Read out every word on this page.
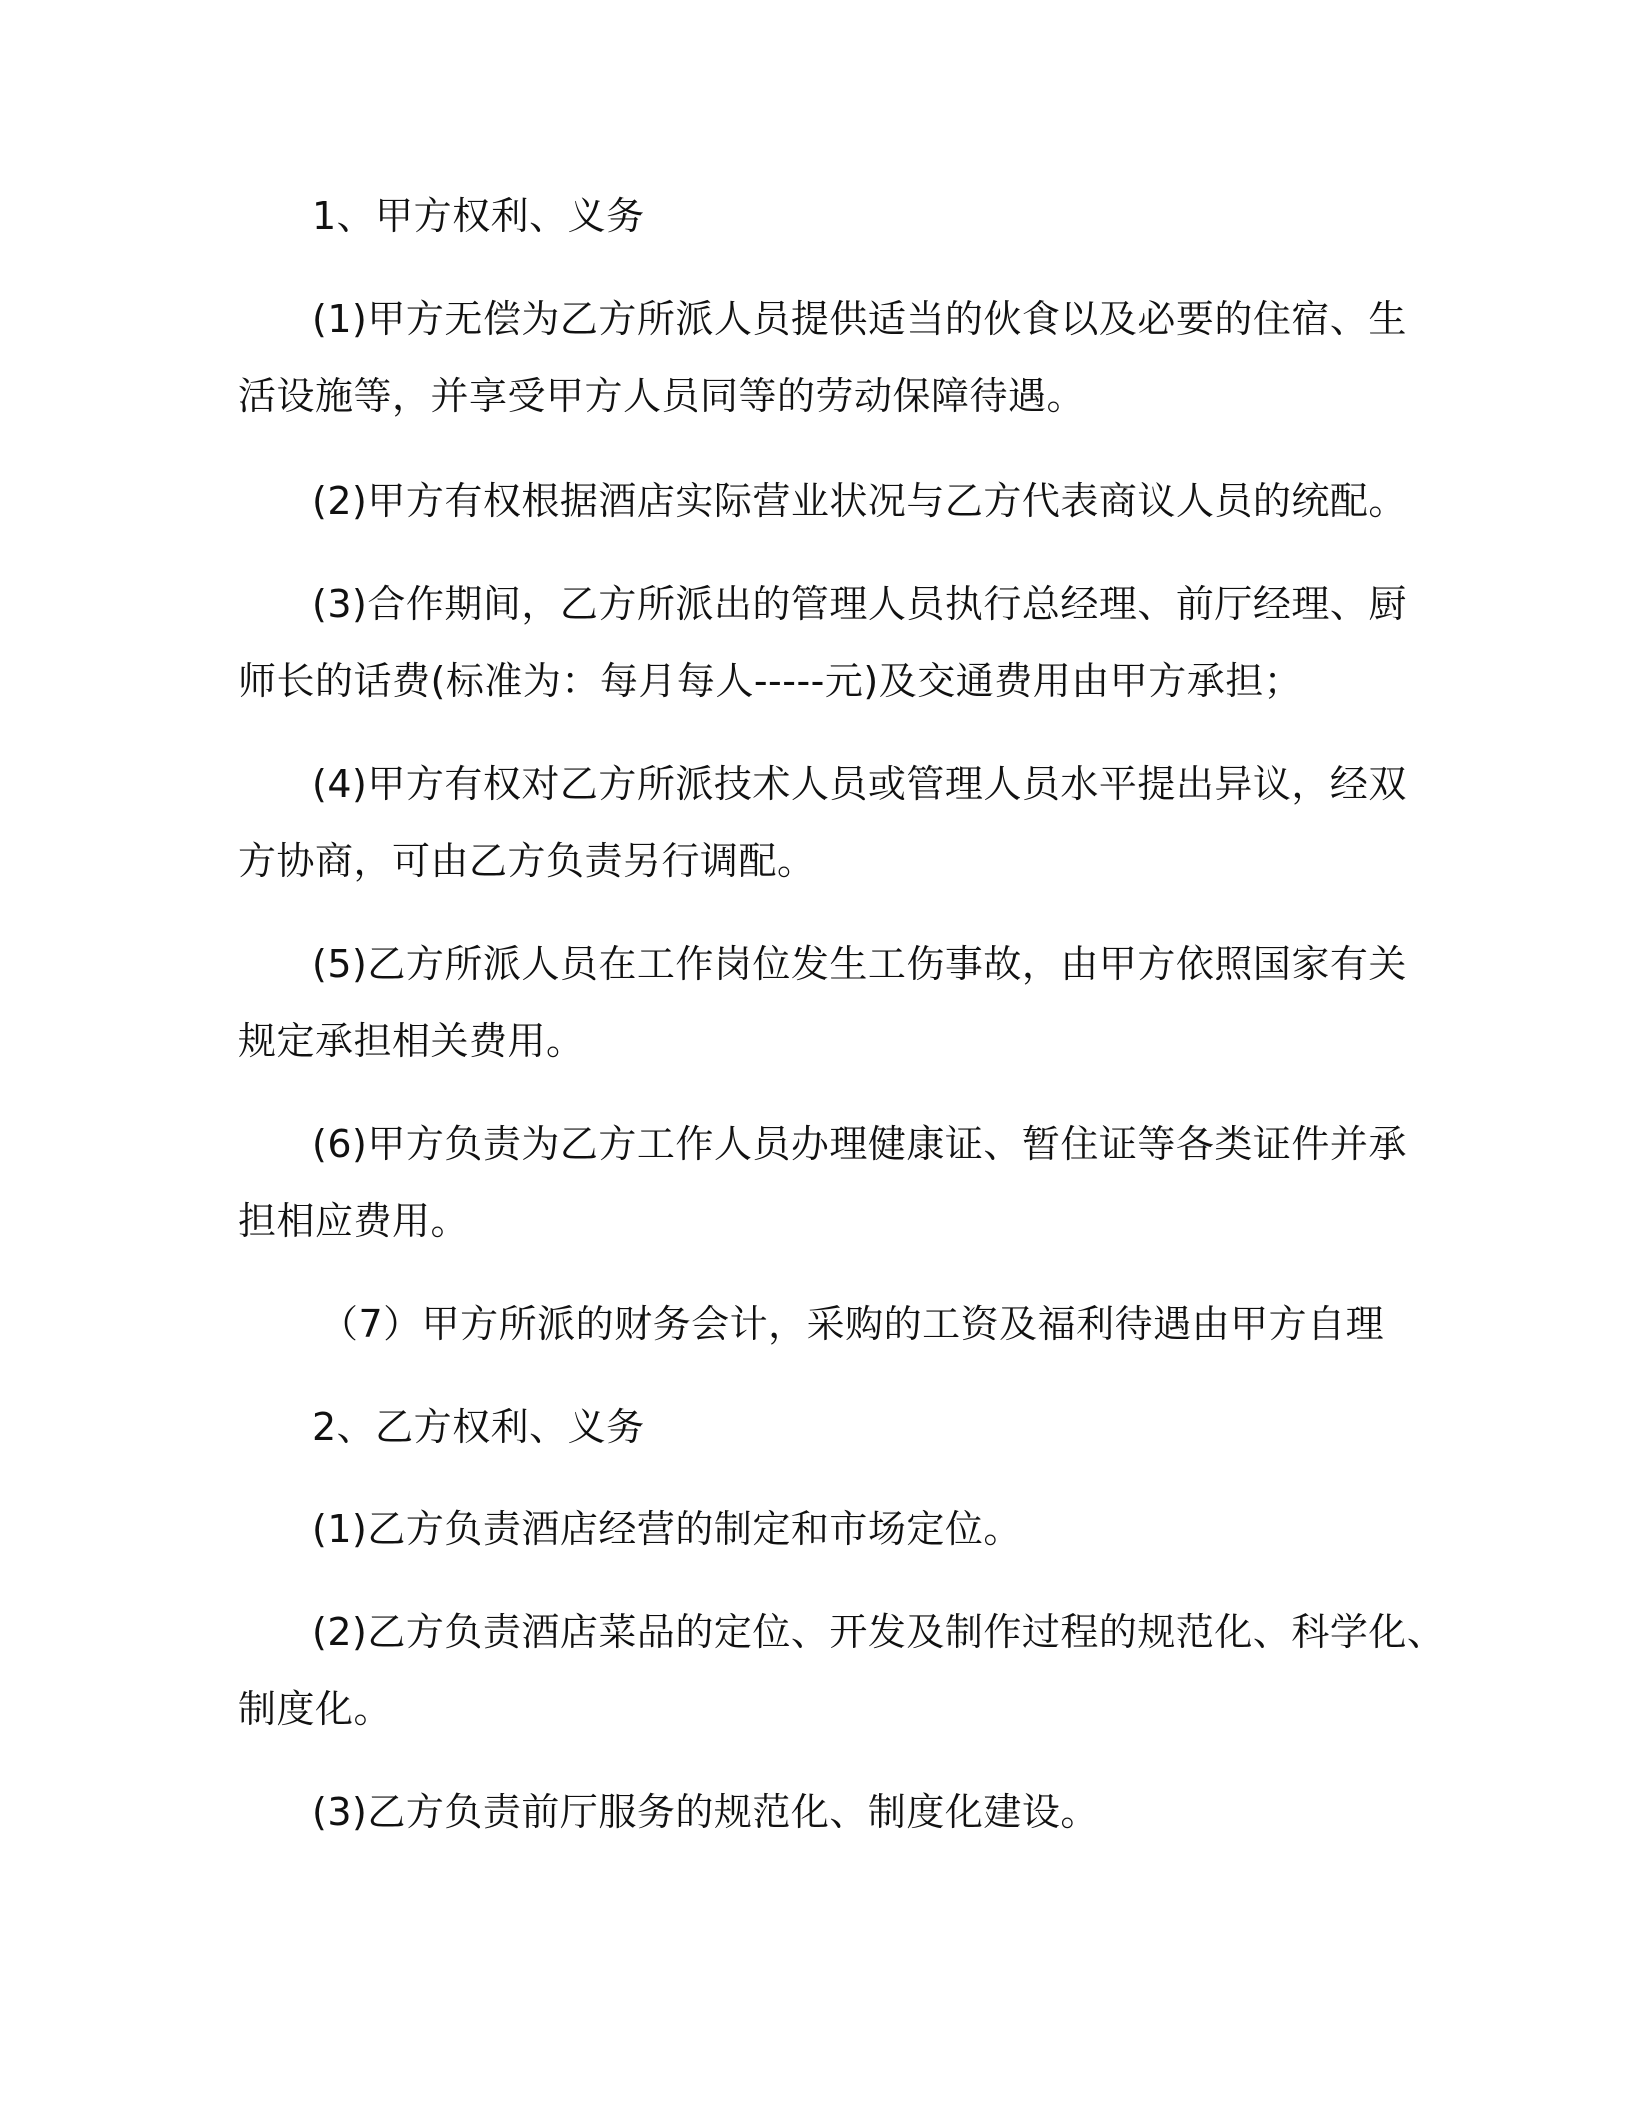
1、甲方权利、义务

(1)甲方无偿为乙方所派人员提供适当的伙食以及必要的住宿、生

活设施等，并享受甲方人员同等的劳动保障待遇。

(2)甲方有权根据酒店实际营业状况与乙方代表商议人员的统配。

(3)合作期间，乙方所派出的管理人员执行总经理、前厅经理、厨

师长的话费(标准为：每月每人-----元)及交通费用由甲方承担；

(4)甲方有权对乙方所派技术人员或管理人员水平提出异议，经双

方协商，可由乙方负责另行调配。

(5)乙方所派人员在工作岗位发生工伤事故，由甲方依照国家有关

规定承担相关费用。

(6)甲方负责为乙方工作人员办理健康证、暂住证等各类证件并承

担相应费用。

（7）甲方所派的财务会计，采购的工资及福利待遇由甲方自理

2、乙方权利、义务

(1)乙方负责酒店经营的制定和市场定位。

(2)乙方负责酒店菜品的定位、开发及制作过程的规范化、科学化、

制度化。

(3)乙方负责前厅服务的规范化、制度化建设。
